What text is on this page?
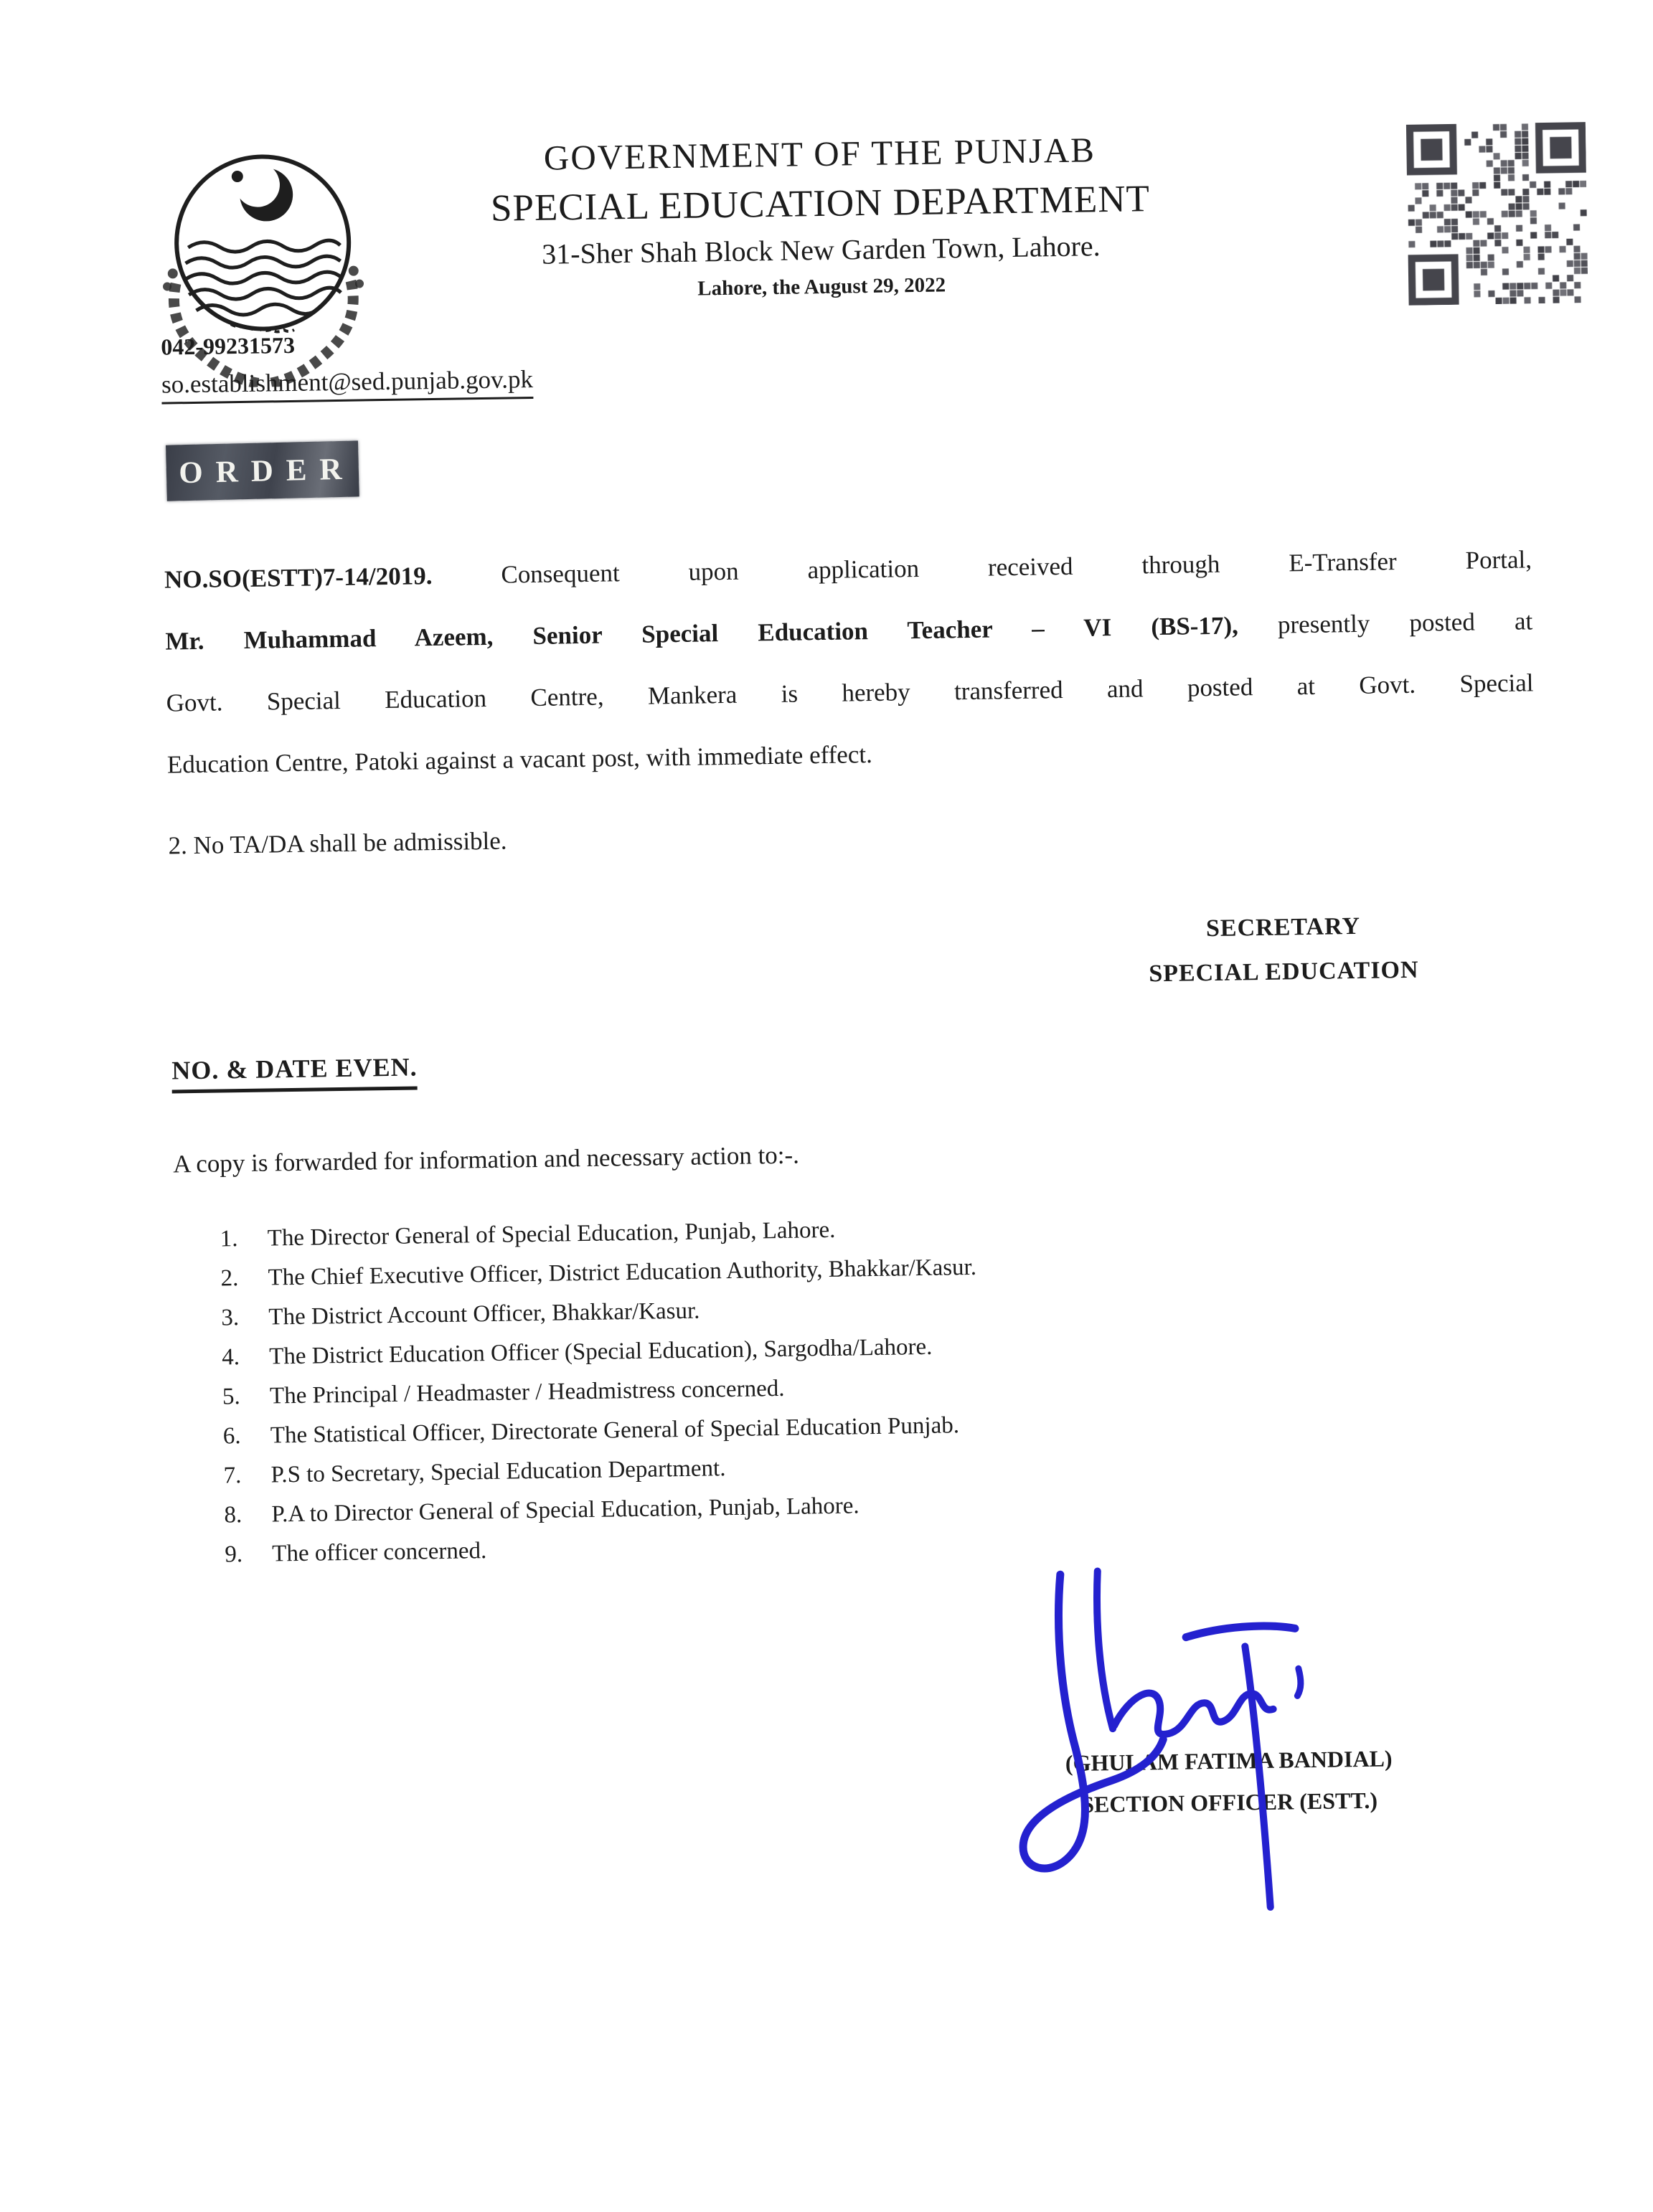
GOVERNMENT OF THE PUNJAB
SPECIAL EDUCATION DEPARTMENT
31-Sher Shah Block New Garden Town, Lahore.
Lahore, the August 29, 2022
042-99231573
so.establishment@sed.punjab.gov.pk
ORDER
NO.SO(ESTT)7-14/2019.	Consequent upon application received through E-Transfer Portal,
Mr. Muhammad Azeem, Senior Special Education Teacher – VI (BS-17), presently posted at
Govt. Special Education Centre, Mankera is hereby transferred and posted at Govt. Special
Education Centre, Patoki against a vacant post, with immediate effect.
2. No TA/DA shall be admissible.
SECRETARY
SPECIAL EDUCATION
NO. & DATE EVEN.
A copy is forwarded for information and necessary action to:-.
1.	The Director General of Special Education, Punjab, Lahore.
2.	The Chief Executive Officer, District Education Authority, Bhakkar/Kasur.
3.	The District Account Officer, Bhakkar/Kasur.
4.	The District Education Officer (Special Education), Sargodha/Lahore.
5.	The Principal / Headmaster / Headmistress concerned.
6.	The Statistical Officer, Directorate General of Special Education Punjab.
7.	P.S to Secretary, Special Education Department.
8.	P.A to Director General of Special Education, Punjab, Lahore.
9.	The officer concerned.
(GHULAM FATIMA BANDIAL)
SECTION OFFICER (ESTT.)
